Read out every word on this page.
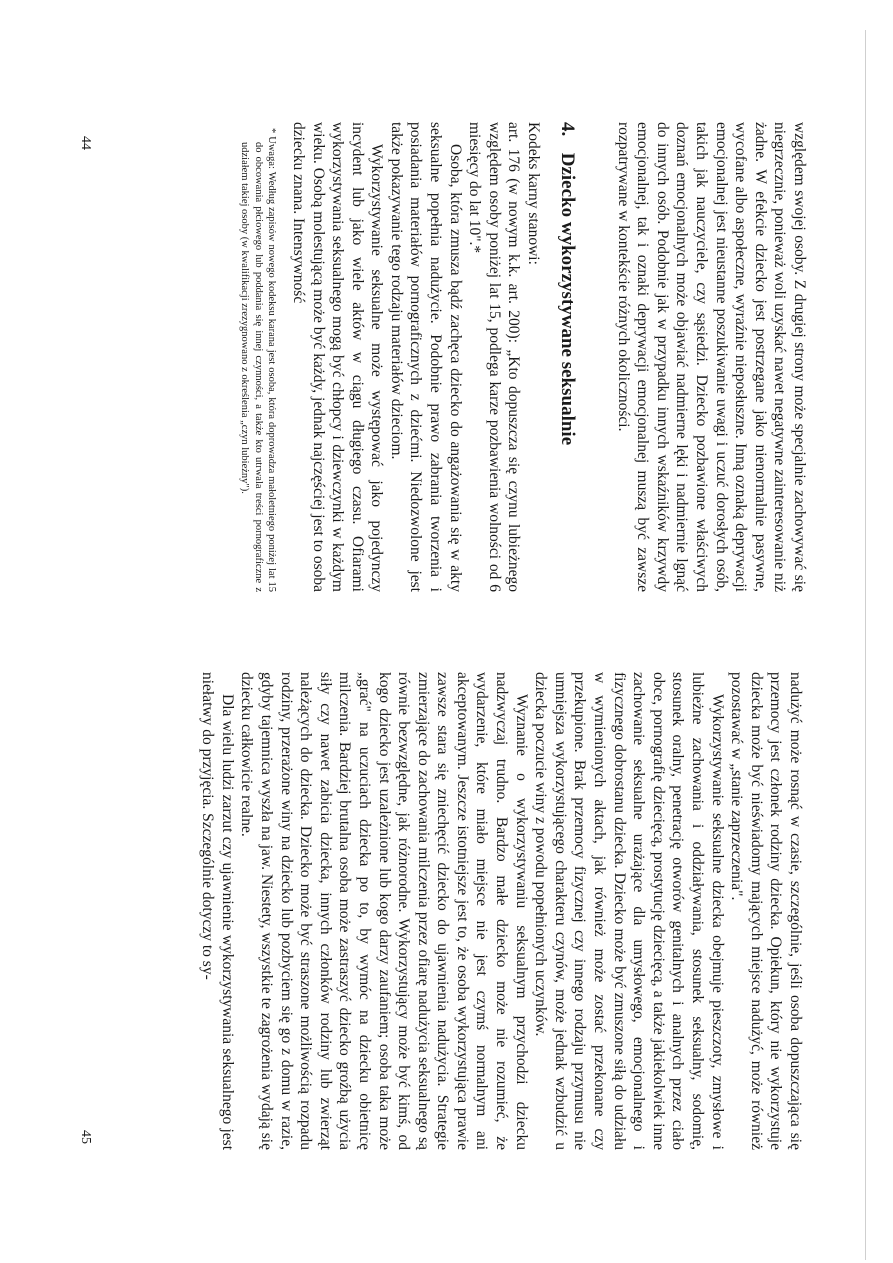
względem swojej osoby. Z drugiej strony może specjalnie zachowywać się niegrzecznie, ponieważ woli uzyskać nawet negatywne zainteresowanie niż żadne. W efekcie dziecko jest postrzegane jako nienormalnie pasywne, wycofane albo aspołeczne, wyraźnie nieposłuszne. Inną oznaką deprywacji emocjonalnej jest nieustanne poszukiwanie uwagi i uczuć dorosłych osób, takich jak nauczyciele, czy sąsiedzi. Dziecko pozbawione właściwych doznań emocjonalnych może objawiać nadmierne lęki i nadmiernie lgnąć do innych osób. Podobnie jak w przypadku innych wskaźników krzywdy emocjonalnej, tak i oznaki deprywacji emocjonalnej muszą być zawsze rozpatrywane w kontekście różnych okoliczności.

4. Dziecko wykorzystywane seksualnie

Kodeks karny stanowi:

art. 176 (w nowym k.k. art. 200): „Kto dopuszcza się czynu lubieżnego względem osoby poniżej lat 15, podlega karze pozbawienia wolności od 6 miesięcy do lat 10".*

Osoba, która zmusza bądź zachęca dziecko do angażowania się w akty seksualne popełnia nadużycie. Podobnie prawo zabrania tworzenia i posiadania materiałów pornograficznych z dziećmi. Niedozwolone jest także pokazywanie tego rodzaju materiałów dzieciom.

Wykorzystywanie seksualne może występować jako pojedynczy incydent lub jako wiele aktów w ciągu długiego czasu. Ofiarami wykorzystywania seksualnego mogą być chłopcy i dziewczynki w każdym wieku. Osobą molestującą może być każdy, jednak najczęściej jest to osoba dziecku znana. Intensywność

* Uwaga: Według zapisów nowego kodeksu karana jest osoba, która doprowadza małoletniego poniżej lat 15 do obcowania płciowego lub poddania się innej czynności, a także kto utrwala treści pornograficzne z udziałem takiej osoby (w kwalifikacji zrezygnowano z określenia „czyn lubieżny").
44

nadużyć może rosnąć w czasie, szczególnie, jeśli osoba dopuszczająca się przemocy jest członek rodziny dziecka. Opiekun, który nie wykorzystuje dziecka może być nieświadomy mających miejsce nadużyć, może również pozostawać w „stanie zaprzeczenia".

Wykorzystywanie seksualne dziecka obejmuje pieszczoty, zmysłowe i lubieżne zachowania i oddziaływania, stosunek seksualny, sodomię, stosunek oralny, penetrację otworów genitalnych i analnych przez ciało obce, pornografię dziecięcą, prostytucję dziecięcą, a także jakiekolwiek inne zachowanie seksualne urażające dla umysłowego, emocjonalnego i fizycznego dobrostanu dziecka. Dziecko może być zmuszone siłą do udziału w wymienionych aktach, jak również może zostać przekonane czy przekupione. Brak przemocy fizycznej czy innego rodzaju przymusu nie umniejsza wykorzystującego charakteru czynów, może jednak wzbudzić u dziecka poczucie winy z powodu popełnionych uczynków.

Wyznanie o wykorzystywaniu seksualnym przychodzi dziecku nadzwyczaj trudno. Bardzo małe dziecko może nie rozumieć, że wydarzenie, które miało miejsce nie jest czymś normalnym ani akceptowanym. Jeszcze istotniejsze jest to, że osoba wykorzystująca prawie zawsze stara się zniechęcić dziecko do ujawnienia nadużycia. Strategie zmierzające do zachowania milczenia przez ofiarę nadużycia seksualnego są równie bezwzględne, jak różnorodne. Wykorzystujący może być kimś, od kogo dziecko jest uzależnione lub kogo darzy zaufaniem; osoba taka może „grać" na uczuciach dziecka po to, by wymóc na dziecku obietnicę milczenia. Bardziej brutalna osoba może zastraszyć dziecko groźbą użycia siły czy nawet zabicia dziecka, innych członków rodziny lub zwierząt należących do dziecka. Dziecko może być straszone możliwością rozpadu rodziny, przerażone winy na dziecko lub pozbyciem się go z domu w razie, gdyby tajemnica wyszła na jaw. Niestety, wszystkie te zagrożenia wydają się dziecku całkowicie realne.

Dla wielu ludzi zarzut czy ujawnienie wykorzystywania seksualnego jest niełatwy do przyjęcia. Szczególnie dotyczy to sy-

45
